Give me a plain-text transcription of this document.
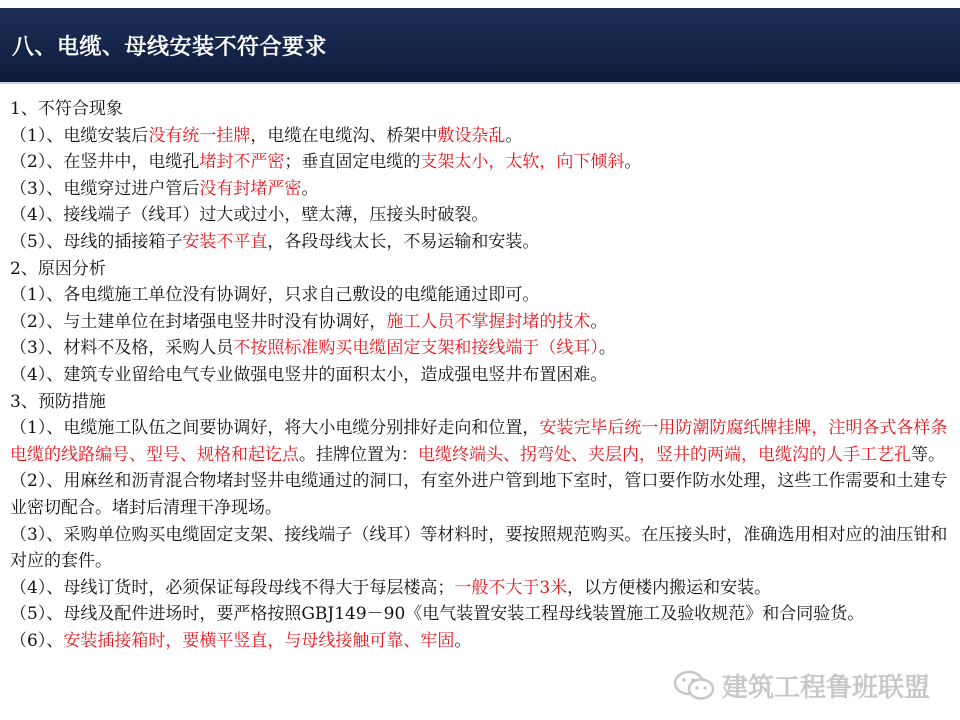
八、电缆、母线安装不符合要求
1、不符合现象
（1）、电缆安装后没有统一挂牌，电缆在电缆沟、桥架中敷设杂乱。
（2）、在竖井中，电缆孔堵封不严密；垂直固定电缆的支架太小，太软，向下倾斜。
（3）、电缆穿过进户管后没有封堵严密。
（4）、接线端子（线耳）过大或过小，壁太薄，压接头时破裂。
（5）、母线的插接箱子安装不平直，各段母线太长，不易运输和安装。
2、原因分析
（1）、各电缆施工单位没有协调好，只求自己敷设的电缆能通过即可。
（2）、与土建单位在封堵强电竖井时没有协调好，施工人员不掌握封堵的技术。
（3）、材料不及格，采购人员不按照标准购买电缆固定支架和接线端于（线耳）。
（4）、建筑专业留给电气专业做强电竖井的面积太小，造成强电竖井布置困难。
3、预防措施
（1）、电缆施工队伍之间要协调好，将大小电缆分别排好走向和位置，安装完毕后统一用防潮防腐纸牌挂牌，注明各式各样条电缆的线路编号、型号、规格和起讫点。挂牌位置为：电缆终端头、拐弯处、夹层内，竖井的两端，电缆沟的人手工艺孔等。
（2）、用麻丝和沥青混合物堵封竖井电缆通过的洞口，有室外进户管到地下室时，管口要作防水处理，这些工作需要和土建专业密切配合。堵封后清理干净现场。
（3）、采购单位购买电缆固定支架、接线端子（线耳）等材料时，要按照规范购买。在压接头时，准确选用相对应的油压钳和对应的套件。
（4）、母线订货时，必须保证每段母线不得大于每层楼高；一般不大于3米，以方便楼内搬运和安装。
（5）、母线及配件进场时，要严格按照GBJ149－90《电气装置安装工程母线装置施工及验收规范》和合同验货。
（6）、安装插接箱时，要横平竖直，与母线接触可靠、牢固。
建筑工程鲁班联盟
